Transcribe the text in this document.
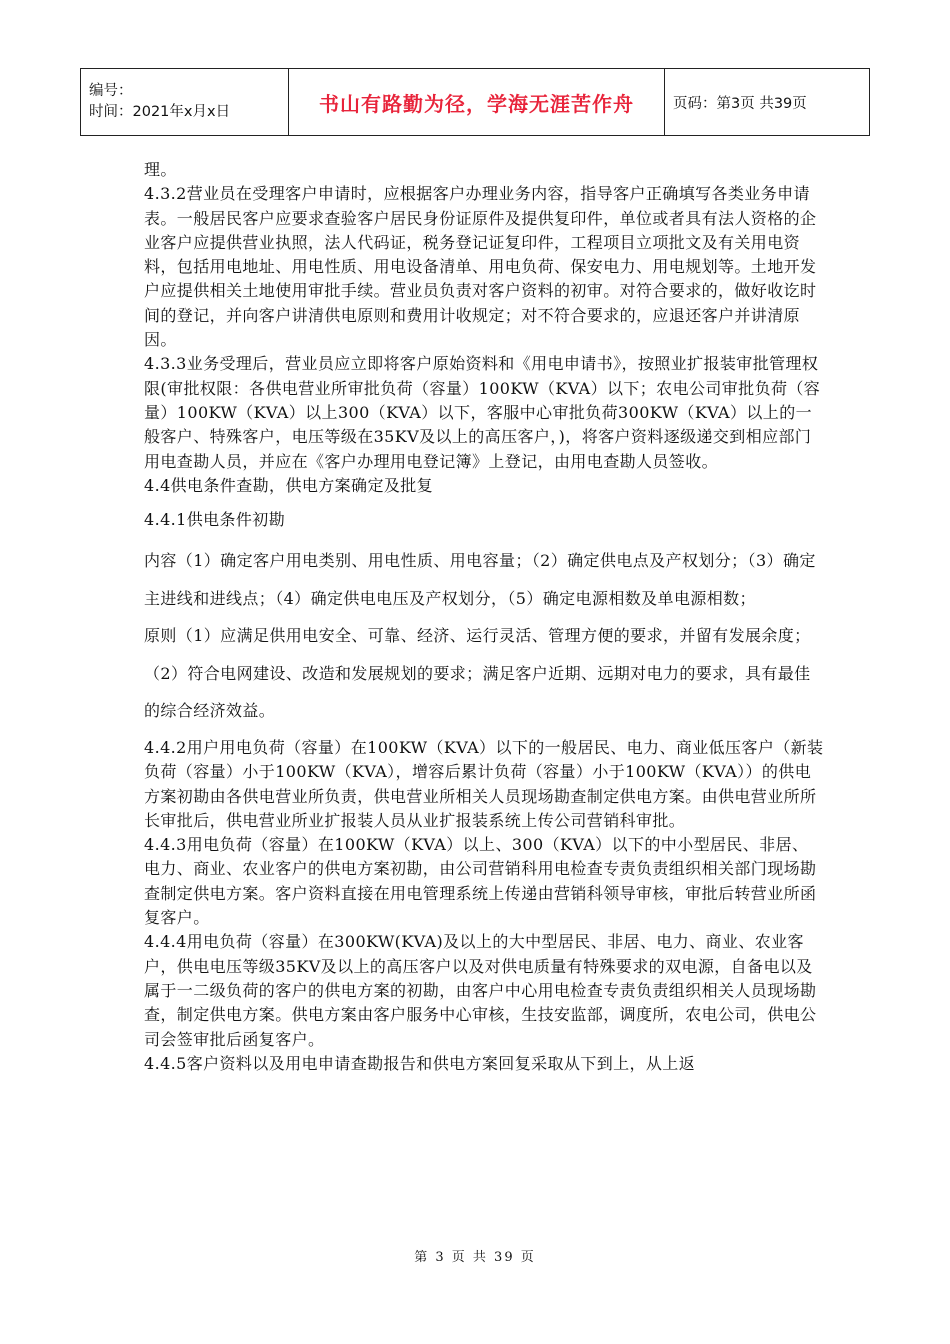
编号：
时间：2021年x月x日	书山有路勤为径，学海无涯苦作舟	页码：第3页 共39页

理。

4.3.2营业员在受理客户申请时，应根据客户办理业务内容，指导客户正确填写各类业务申请表。一般居民客户应要求查验客户居民身份证原件及提供复印件，单位或者具有法人资格的企业客户应提供营业执照，法人代码证，税务登记证复印件，工程项目立项批文及有关用电资料，包括用电地址、用电性质、用电设备清单、用电负荷、保安电力、用电规划等。土地开发户应提供相关土地使用审批手续。营业员负责对客户资料的初审。对符合要求的，做好收讫时间的登记，并向客户讲清供电原则和费用计收规定；对不符合要求的，应退还客户并讲清原因。

4.3.3业务受理后，营业员应立即将客户原始资料和《用电申请书》，按照业扩报装审批管理权限(审批权限：各供电营业所审批负荷（容量）100KW（KVA）以下；农电公司审批负荷（容量）100KW（KVA）以上300（KVA）以下，客服中心审批负荷300KW（KVA）以上的一般客户、特殊客户，电压等级在35KV及以上的高压客户，)，将客户资料逐级递交到相应部门用电查勘人员，并应在《客户办理用电登记簿》上登记，由用电查勘人员签收。

4.4供电条件查勘，供电方案确定及批复

4.4.1供电条件初勘

内容（1）确定客户用电类别、用电性质、用电容量；（2）确定供电点及产权划分；（3）确定主进线和进线点；（4）确定供电电压及产权划分，（5）确定电源相数及单电源相数；

原则（1）应满足供用电安全、可靠、经济、运行灵活、管理方便的要求，并留有发展余度；（2）符合电网建设、改造和发展规划的要求；满足客户近期、远期对电力的要求，具有最佳的综合经济效益。

4.4.2用户用电负荷（容量）在100KW（KVA）以下的一般居民、电力、商业低压客户（新装负荷（容量）小于100KW（KVA），增容后累计负荷（容量）小于100KW（KVA））的供电方案初勘由各供电营业所负责，供电营业所相关人员现场勘查制定供电方案。由供电营业所所长审批后，供电营业所业扩报装人员从业扩报装系统上传公司营销科审批。

4.4.3用电负荷（容量）在100KW（KVA）以上、300（KVA）以下的中小型居民、非居、电力、商业、农业客户的供电方案初勘，由公司营销科用电检查专责负责组织相关部门现场勘查制定供电方案。客户资料直接在用电管理系统上传递由营销科领导审核，审批后转营业所函复客户。

4.4.4用电负荷（容量）在300KW(KVA)及以上的大中型居民、非居、电力、商业、农业客户，供电电压等级35KV及以上的高压客户以及对供电质量有特殊要求的双电源，自备电以及属于一二级负荷的客户的供电方案的初勘，由客户中心用电检查专责负责组织相关人员现场勘查，制定供电方案。供电方案由客户服务中心审核，生技安监部，调度所，农电公司，供电公司会签审批后函复客户。

4.4.5客户资料以及用电申请查勘报告和供电方案回复采取从下到上，从上返

第 3 页 共 39 页
